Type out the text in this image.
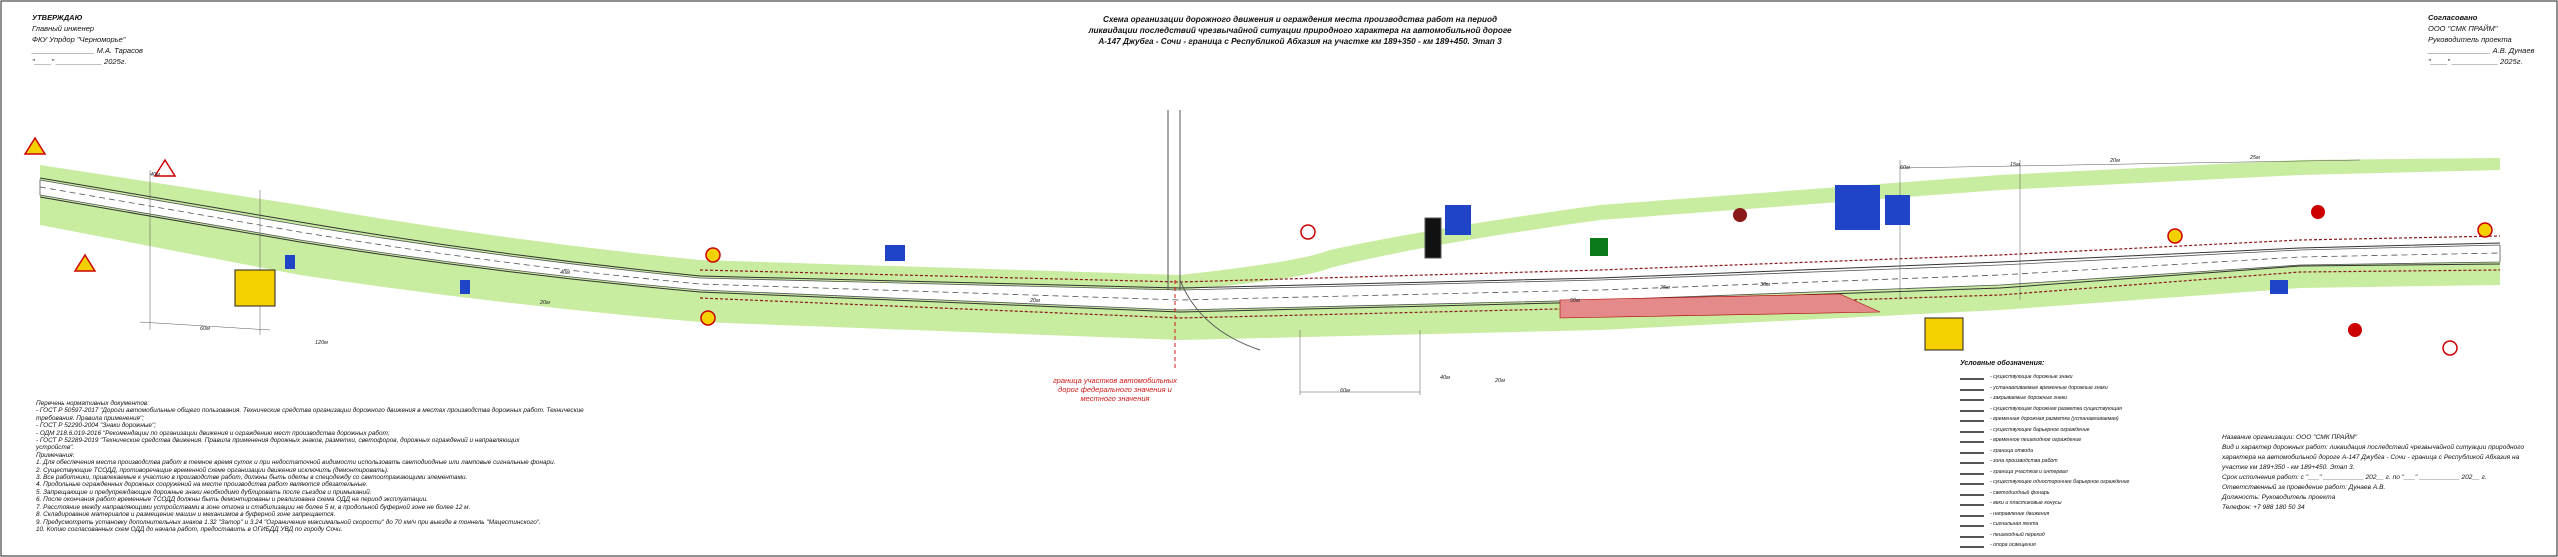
УТВЕРЖДАЮ
Главный инженер
ФКУ Упрдор "Черноморье"
_______________ М.А. Тарасов
"____" ___________ 2025г.
Согласовано
ООО "СМК ПРАЙМ"
Руководитель проекта
_______________ А.В. Дунаев
"____" ___________ 2025г.
Схема организации дорожного движения и ограждения места производства работ на период
ликвидации последствий чрезвычайной ситуации природного характера на автомобильной дороге
А-147 Джубга - Сочи - граница с Республикой Абхазия на участке км 189+350 - км 189+450. Этап 3
граница участков автомобильных дорог федерального значения и местного значения
Перечень нормативных документов:
- ГОСТ Р 50597-2017 "Дороги автомобильные общего пользования. Технические средства организации дорожного движения в местах производства дорожных работ. Технические
требования. Правила применения";
- ГОСТ Р 52290-2004 "Знаки дорожные";
- ОДМ 218.6.019-2016 "Рекомендации по организации движения и ограждению мест производства дорожных работ;
- ГОСТ Р 52289-2019 "Технические средства движения. Правила применения дорожных знаков, разметки, светофоров, дорожных ограждений и направляющих
устройств".
Примечания:
1. Для обеспечения места производства работ в темное время суток и при недостаточной видимости использовать светодиодные или ламповые сигнальные фонари.
2. Существующие ТСОДД, противоречащие временной схеме организации движения исключить (демонтировать).
3. Все работники, привлекаемые к участию в производстве работ, должны быть одеты в спецодежду со светоотражающими элементами.
4. Продольные огражденных дорожных сооружений на месте производства работ являются обязательные.
5. Запрещающие и предупреждающие дорожные знаки необходимо дублировать после съездов и примыканий.
6. После окончания работ временные ТСОДД должны быть демонтированы и реализована схема ОДД на период эксплуатации.
7. Расстояние между направляющими устройствами в зоне отгона и стабилизации не более 5 м, в продольной буферной зоне не более 12 м.
8. Складирование материалов и размещение машин и механизмов в буферной зоне запрещается.
9. Предусмотреть установку дополнительных знаков 1.32 "Затор" и 3.24 "Ограничение максимальной скорости" до 70 км/ч при выезде в тоннель "Мацестинского".
10. Копию согласованных схем ОДД до начала работ, предоставить в ОГИБДД УВД по городу Сочи.
Условные обозначения:
- существующие дорожные знаки
- устанавливаемые временные дорожные знаки
- закрываемые дорожные знаки
- существующая дорожная разметка существующая
- временная дорожная разметка (устанавливаемая)
- существующее барьерное ограждение
- временное пешеходное ограждение
- граница отвода
- зона производства работ
- граница участков и интервал
- существующее одностороннее барьерное ограждение
- светодиодный фонарь
- вехи и пластиковые конусы
- направление движения
- сигнальная лента
- пешеходный переход
- опора освещения
Название организации: ООО "СМК ПРАЙМ"
Вид и характер дорожных работ: ликвидация последствий чрезвычайной ситуации природного
характера на автомобильной дороге А-147 Джубга - Сочи - граница с Республикой Абхазия на
участке км 189+350 - км 189+450. Этап 3.
Срок исполнения работ: с "___" ___________ 202__ г. по "___" ___________ 202__ г.
Ответственный за проведение работ: Дунаев А.В.
Должность: Руководитель проекта
Телефон: +7 988 180 50 34
40м
60м
120м
20м
40м
20м
60м
40м	20м
50м
25м	30м
60м	15м
20м	25м
